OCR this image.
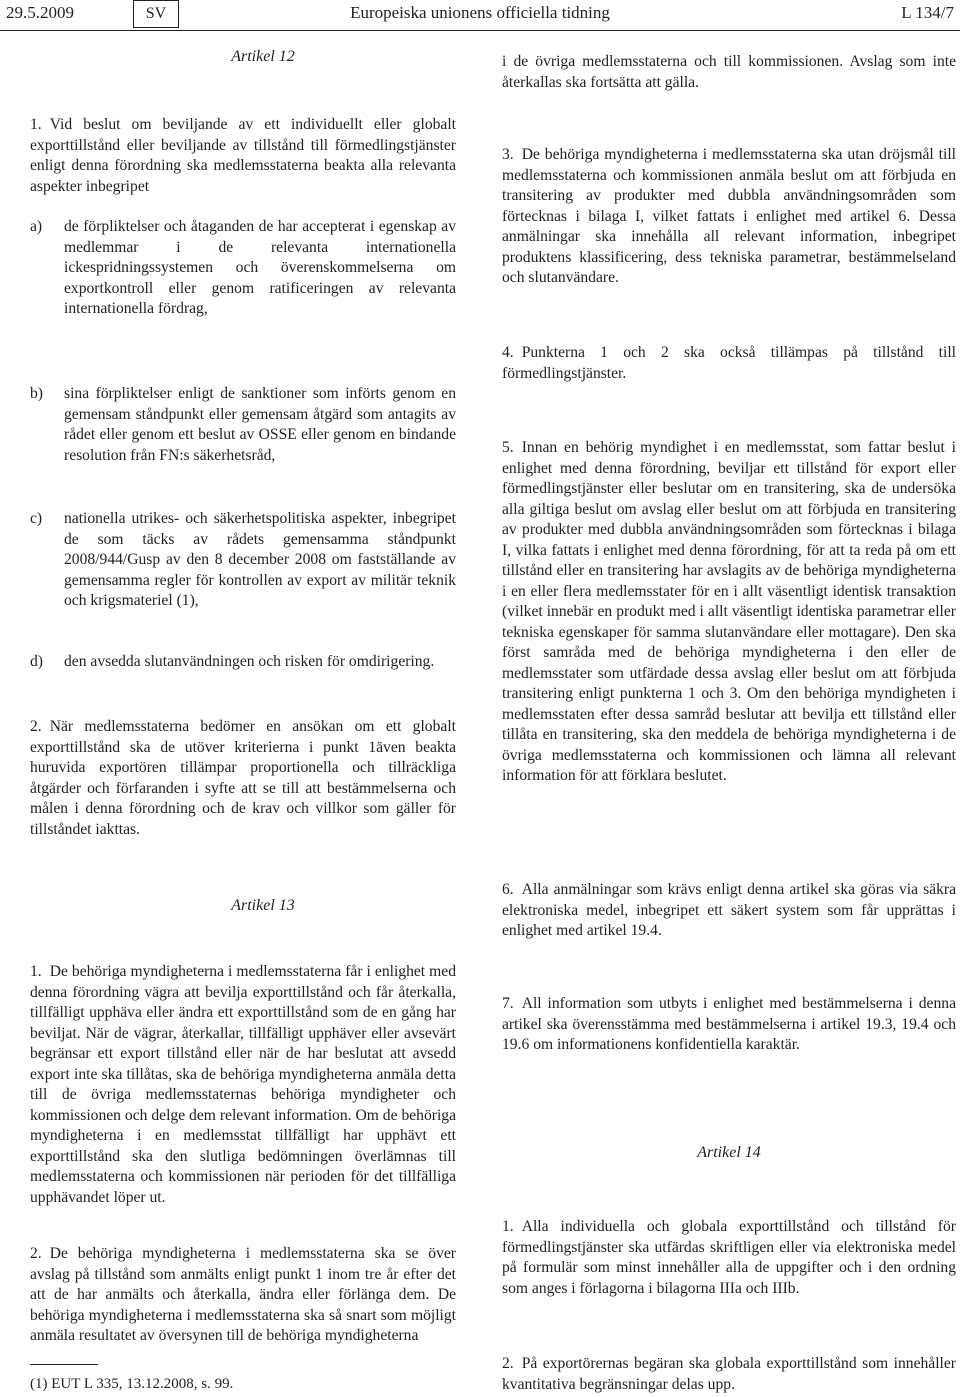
29.5.2009	SV	Europeiska unionens officiella tidning	L 134/7
Artikel 12

1. Vid beslut om beviljande av ett individuellt eller globalt exporttillstånd eller beviljande av tillstånd till förmedlingstjänster enligt denna förordning ska medlemsstaterna beakta alla relevanta aspekter inbegripet

a)	de förpliktelser och åtaganden de har accepterat i egenskap av medlemmar i de relevanta internationella ickespridningssystemen och överenskommelserna om exportkontroll eller genom ratificeringen av relevanta internationella fördrag,
b)	sina förpliktelser enligt de sanktioner som införts genom en gemensam ståndpunkt eller gemensam åtgärd som antagits av rådet eller genom ett beslut av OSSE eller genom en bindande resolution från FN:s säkerhetsråd,
c)	nationella utrikes- och säkerhetspolitiska aspekter, inbegripet de som täcks av rådets gemensamma ståndpunkt 2008/944/Gusp av den 8 december 2008 om fastställande av gemensamma regler för kontrollen av export av militär teknik och krigsmateriel (1),
d)	den avsedda slutanvändningen och risken för omdirigering.

2. När medlemsstaterna bedömer en ansökan om ett globalt exporttillstånd ska de utöver kriterierna i punkt 1även beakta huruvida exportören tillämpar proportionella och tillräckliga åtgärder och förfaranden i syfte att se till att bestämmelserna och målen i denna förordning och de krav och villkor som gäller för tillståndet iakttas.

Artikel 13

1. De behöriga myndigheterna i medlemsstaterna får i enlighet med denna förordning vägra att bevilja exporttillstånd och får återkalla, tillfälligt upphäva eller ändra ett exporttillstånd som de en gång har beviljat. När de vägrar, återkallar, tillfälligt upphäver eller avsevärt begränsar ett export tillstånd eller när de har beslutat att avsedd export inte ska tillåtas, ska de behöriga myndigheterna anmäla detta till de övriga medlemsstaternas behöriga myndigheter och kommissionen och delge dem relevant information. Om de behöriga myndigheterna i en medlemsstat tillfälligt har upphävt ett exporttillstånd ska den slutliga bedömningen överlämnas till medlemsstaterna och kommissionen när perioden för det tillfälliga upphävandet löper ut.

2. De behöriga myndigheterna i medlemsstaterna ska se över avslag på tillstånd som anmälts enligt punkt 1 inom tre år efter det att de har anmälts och återkalla, ändra eller förlänga dem. De behöriga myndigheterna i medlemsstaterna ska så snart som möjligt anmäla resultatet av översynen till de behöriga myndigheterna

(1) EUT L 335, 13.12.2008, s. 99.

i de övriga medlemsstaterna och till kommissionen. Avslag som inte återkallas ska fortsätta att gälla.

3. De behöriga myndigheterna i medlemsstaterna ska utan dröjsmål till medlemsstaterna och kommissionen anmäla beslut om att förbjuda en transitering av produkter med dubbla användningsområden som förtecknas i bilaga I, vilket fattats i enlighet med artikel 6. Dessa anmälningar ska innehålla all relevant information, inbegripet produktens klassificering, dess tekniska parametrar, bestämmelseland och slutanvändare.

4. Punkterna 1 och 2 ska också tillämpas på tillstånd till förmedlingstjänster.

5. Innan en behörig myndighet i en medlemsstat, som fattar beslut i enlighet med denna förordning, beviljar ett tillstånd för export eller förmedlingstjänster eller beslutar om en transitering, ska de undersöka alla giltiga beslut om avslag eller beslut om att förbjuda en transitering av produkter med dubbla användningsområden som förtecknas i bilaga I, vilka fattats i enlighet med denna förordning, för att ta reda på om ett tillstånd eller en transitering har avslagits av de behöriga myndigheterna i en eller flera medlemsstater för en i allt väsentligt identisk transaktion (vilket innebär en produkt med i allt väsentligt identiska parametrar eller tekniska egenskaper för samma slutanvändare eller mottagare). Den ska först samråda med de behöriga myndigheterna i den eller de medlemsstater som utfärdade dessa avslag eller beslut om att förbjuda transitering enligt punkterna 1 och 3. Om den behöriga myndigheten i medlemsstaten efter dessa samråd beslutar att bevilja ett tillstånd eller tillåta en transitering, ska den meddela de behöriga myndigheterna i de övriga medlemsstaterna och kommissionen och lämna all relevant information för att förklara beslutet.

6. Alla anmälningar som krävs enligt denna artikel ska göras via säkra elektroniska medel, inbegripet ett säkert system som får upprättas i enlighet med artikel 19.4.

7. All information som utbyts i enlighet med bestämmelserna i denna artikel ska överensstämma med bestämmelserna i artikel 19.3, 19.4 och 19.6 om informationens konfidentiella karaktär.

Artikel 14

1. Alla individuella och globala exporttillstånd och tillstånd för förmedlingstjänster ska utfärdas skriftligen eller via elektroniska medel på formulär som minst innehåller alla de uppgifter och i den ordning som anges i förlagorna i bilagorna IIIa och IIIb.

2. På exportörernas begäran ska globala exporttillstånd som innehåller kvantitativa begränsningar delas upp.
